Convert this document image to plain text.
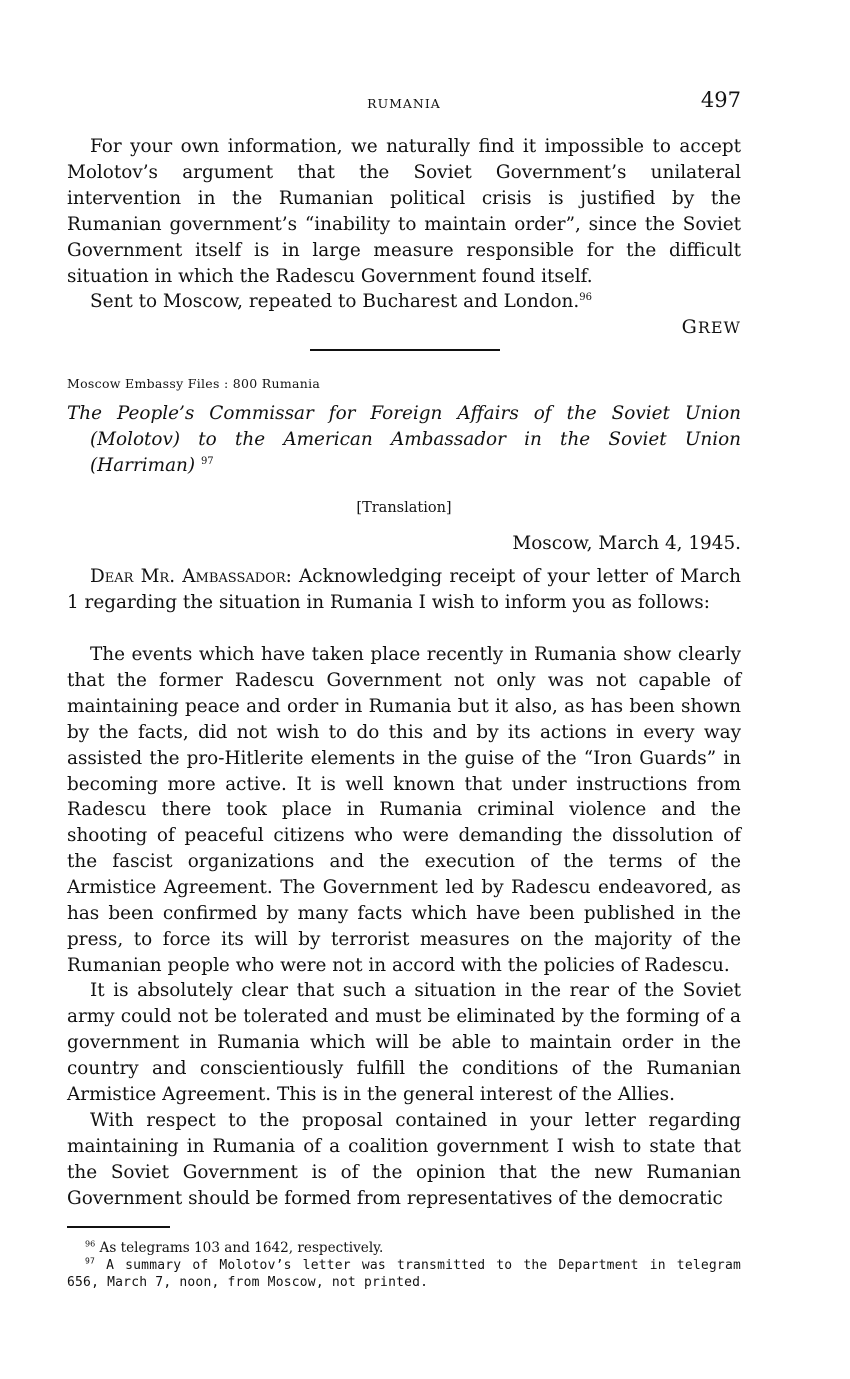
RUMANIA	497

For your own information, we naturally find it impossible to accept Molotov’s argument that the Soviet Government’s unilateral intervention in the Rumanian political crisis is justified by the Rumanian government’s “inability to maintain order”, since the Soviet Government itself is in large measure responsible for the difficult situation in which the Radescu Government found itself.

Sent to Moscow, repeated to Bucharest and London.$^{96}$

GREW
Moscow Embassy Files : 800 Rumania
The People’s Commissar for Foreign Affairs of the Soviet Union
(Molotov) to the American Ambassador in the Soviet Union
(Harriman) $^{97}$
[Translation]
Moscow, March 4, 1945.

Dear Mr. Ambassador: Acknowledging receipt of your letter of March 1 regarding the situation in Rumania I wish to inform you as follows:

The events which have taken place recently in Rumania show clearly that the former Radescu Government not only was not capable of maintaining peace and order in Rumania but it also, as has been shown by the facts, did not wish to do this and by its actions in every way assisted the pro-Hitlerite elements in the guise of the “Iron Guards” in becoming more active. It is well known that under instructions from Radescu there took place in Rumania criminal violence and the shooting of peaceful citizens who were demanding the dissolution of the fascist organizations and the execution of the terms of the Armistice Agreement. The Government led by Radescu endeavored, as has been confirmed by many facts which have been published in the press, to force its will by terrorist measures on the majority of the Rumanian people who were not in accord with the policies of Radescu.

It is absolutely clear that such a situation in the rear of the Soviet army could not be tolerated and must be eliminated by the forming of a government in Rumania which will be able to maintain order in the country and conscientiously fulfill the conditions of the Rumanian Armistice Agreement. This is in the general interest of the Allies.

With respect to the proposal contained in your letter regarding maintaining in Rumania of a coalition government I wish to state that the Soviet Government is of the opinion that the new Rumanian Government should be formed from representatives of the democratic

$^{96}$ As telegrams 103 and 1642, respectively.

$^{97}$ A summary of Molotov’s letter was transmitted to the Department in telegram 656, March 7, noon, from Moscow, not printed.
